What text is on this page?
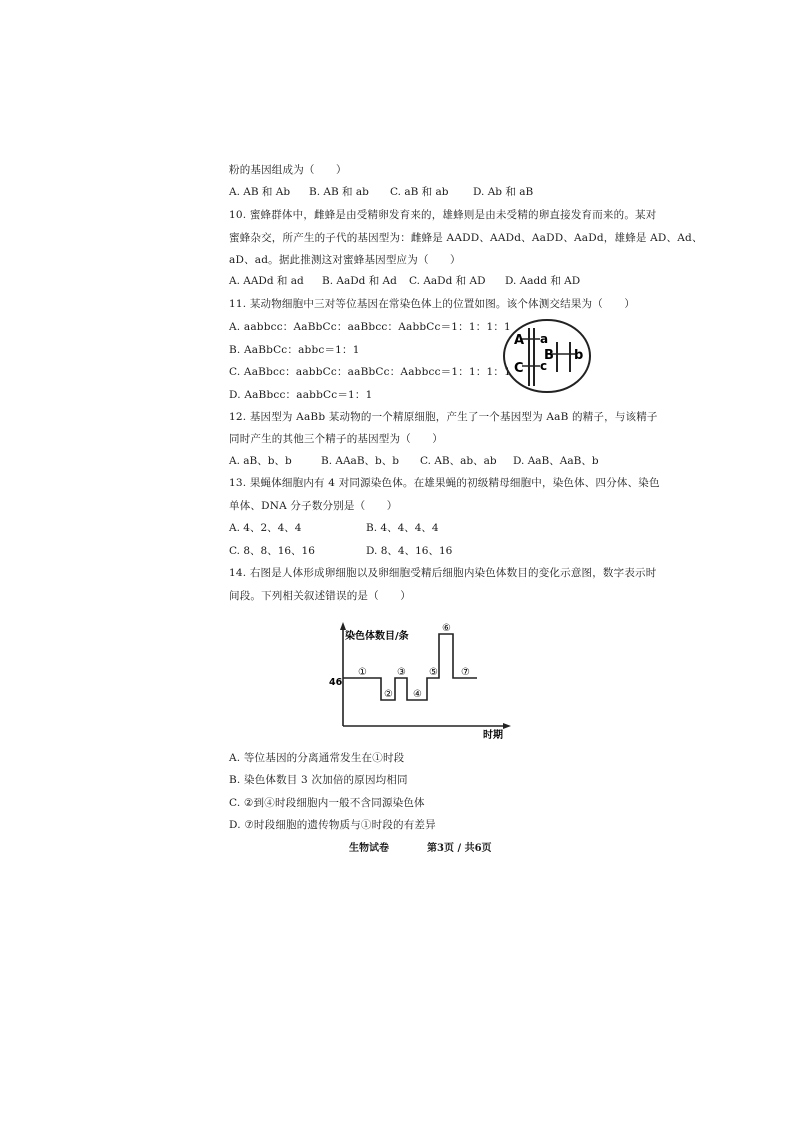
粉的基因组成为（　　）
A. AB 和 Ab B. AB 和 ab C. aB 和 ab D. Ab 和 aB
10. 蜜蜂群体中，雌蜂是由受精卵发育来的，雄蜂则是由未受精的卵直接发育而来的。某对
蜜蜂杂交，所产生的子代的基因型为：雌蜂是 AADD、AADd、AaDD、AaDd，雄蜂是 AD、Ad、
aD、ad。据此推测这对蜜蜂基因型应为（　　）
A. AADd 和 ad B. AaDd 和 Ad C. AaDd 和 AD D. Aadd 和 AD
11. 某动物细胞中三对等位基因在常染色体上的位置如图。该个体测交结果为（　　）
A. aabbcc：AaBbCc：aaBbcc：AabbCc＝1：1：1：1
B. AaBbCc：abbc＝1：1
C. AaBbcc：aabbCc：aaBbCc：Aabbcc＝1：1：1：1
D. AaBbcc：aabbCc＝1：1
A a
C c
B b
12. 基因型为 AaBb 某动物的一个精原细胞，产生了一个基因型为 AaB 的精子，与该精子
同时产生的其他三个精子的基因型为（　　）
A. aB、b、b	B. AAaB、b、b C. AB、ab、ab D. AaB、AaB、b
13. 果蝇体细胞内有 4 对同源染色体。在雄果蝇的初级精母细胞中，染色体、四分体、染色
单体、DNA 分子数分别是（　　）
A. 4、2、4、4	B. 4、4、4、4
C. 8、8、16、16	D. 8、4、16、16
14. 右图是人体形成卵细胞以及卵细胞受精后细胞内染色体数目的变化示意图，数字表示时
间段。下列相关叙述错误的是（　　）
染色体数目/条
时期
46
①
②
③
④
⑤
⑥
⑦
A. 等位基因的分离通常发生在①时段
B. 染色体数目 3 次加倍的原因均相同
C. ②到④时段细胞内一般不含同源染色体
D. ⑦时段细胞的遗传物质与①时段的有差异
生物试卷	第3页 / 共6页
